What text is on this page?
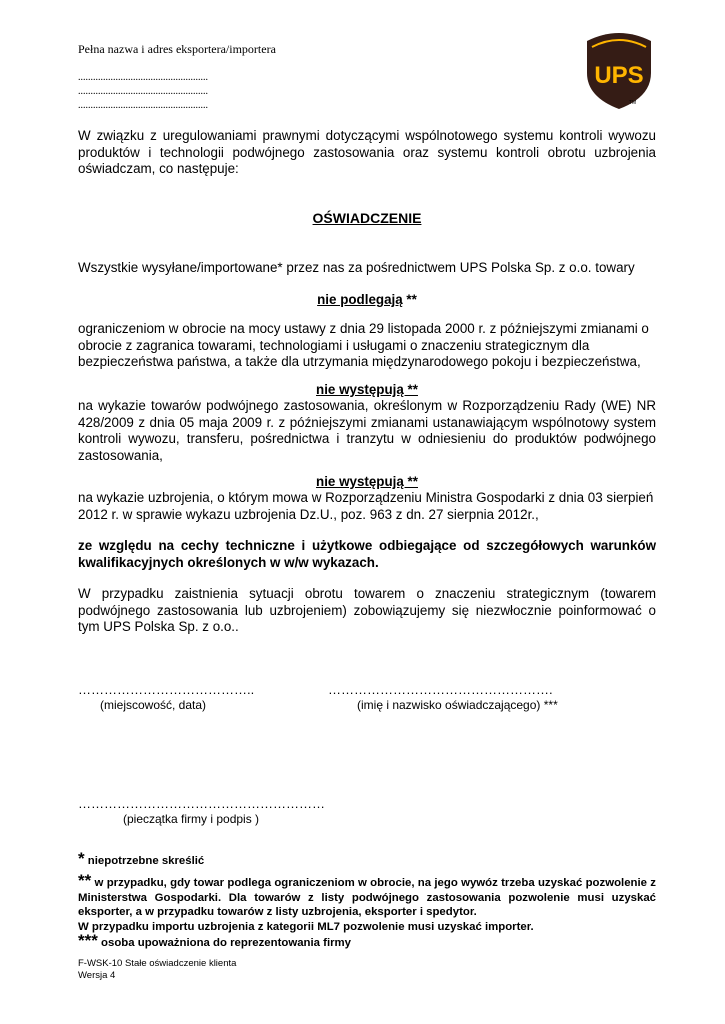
Pełna nazwa i adres eksportera/importera
....................................................
....................................................
....................................................
UPS
TM
W związku z uregulowaniami prawnymi dotyczącymi wspólnotowego systemu kontroli wywozu produktów i technologii podwójnego zastosowania oraz systemu kontroli obrotu uzbrojenia oświadczam, co następuje:
OŚWIADCZENIE
Wszystkie wysyłane/importowane* przez nas za pośrednictwem UPS Polska Sp. z o.o. towary
nie podlegają **
ograniczeniom w obrocie na mocy ustawy z dnia 29 listopada 2000 r. z późniejszymi zmianami o obrocie z zagranica towarami, technologiami i usługami o znaczeniu strategicznym dla bezpieczeństwa państwa, a także dla utrzymania międzynarodowego pokoju i bezpieczeństwa,
nie występują **
na wykazie towarów podwójnego zastosowania, określonym w Rozporządzeniu Rady (WE) NR 428/2009 z dnia 05 maja 2009 r. z późniejszymi zmianami ustanawiającym wspólnotowy system kontroli wywozu, transferu, pośrednictwa i tranzytu w odniesieniu do produktów podwójnego zastosowania,
nie występują **
na wykazie uzbrojenia, o którym mowa w Rozporządzeniu Ministra Gospodarki z dnia 03 sierpień 2012 r. w sprawie wykazu uzbrojenia Dz.U., poz. 963 z dn. 27 sierpnia 2012r.,
ze względu na cechy techniczne i użytkowe odbiegające od szczegółowych warunków kwalifikacyjnych określonych w w/w wykazach.
W przypadku zaistnienia sytuacji obrotu towarem o znaczeniu strategicznym (towarem podwójnego zastosowania lub uzbrojeniem) zobowiązujemy się niezwłocznie poinformować o tym UPS Polska Sp. z o.o..
…………………………………..
(miejscowość, data)
…………………………………………….
(imię i nazwisko oświadczającego) ***
…………………………………………………
(pieczątka firmy i podpis )
* niepotrzebne skreślić
** w przypadku, gdy towar podlega ograniczeniom w obrocie, na jego wywóz trzeba uzyskać pozwolenie z Ministerstwa Gospodarki. Dla towarów z listy podwójnego zastosowania pozwolenie musi uzyskać eksporter, a w przypadku towarów z listy uzbrojenia, eksporter i spedytor.
W przypadku importu uzbrojenia z kategorii ML7 pozwolenie musi uzyskać importer.
*** osoba upoważniona do reprezentowania firmy
F-WSK-10 Stałe oświadczenie klienta
Wersja 4
